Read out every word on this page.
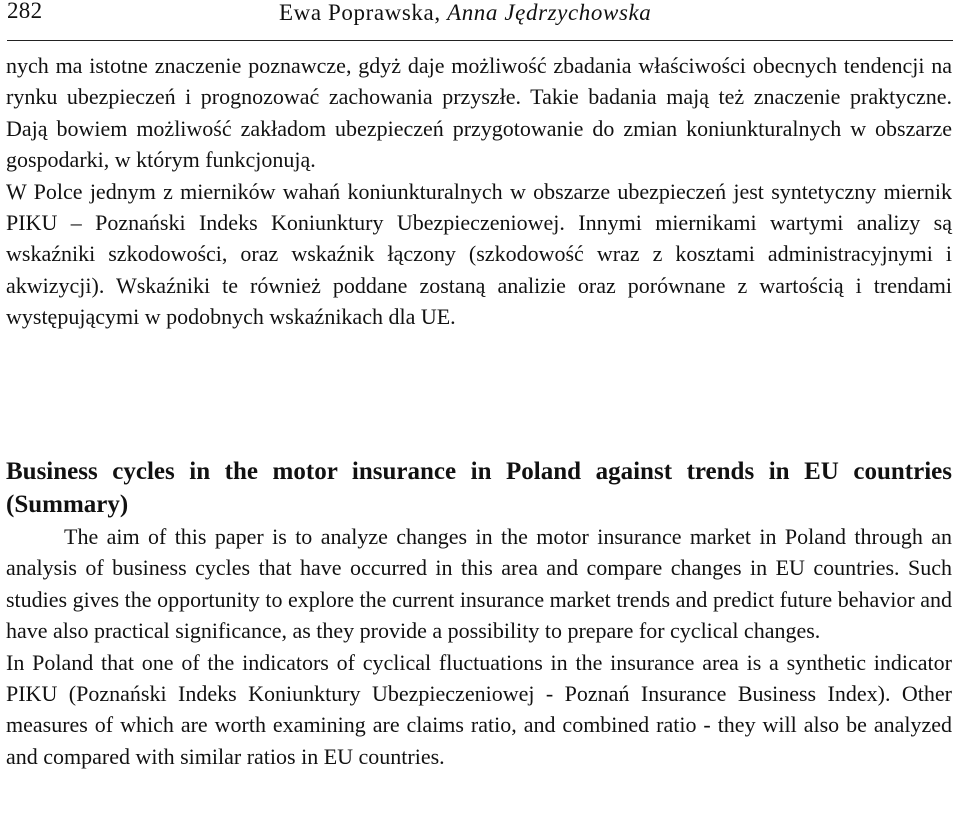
282	Ewa Poprawska, Anna Jędrzychowska

nych ma istotne znaczenie poznawcze, gdyż daje możliwość zbadania właściwości obecnych tendencji na rynku ubezpieczeń i prognozować zachowania przyszłe. Takie badania mają też znaczenie praktyczne. Dają bowiem możliwość zakładom ubezpieczeń przygotowanie do zmian koniunkturalnych w obszarze gospodarki, w którym funkcjonują.

W Polce jednym z mierników wahań koniunkturalnych w obszarze ubezpieczeń jest syntetyczny miernik PIKU – Poznański Indeks Koniunktury Ubezpieczeniowej. Innymi miernikami wartymi analizy są wskaźniki szkodowości, oraz wskaźnik łączony (szkodowość wraz z kosztami administracyjnymi i akwizycji). Wskaźniki te również poddane zostaną analizie oraz porównane z wartością i trendami występującymi w podobnych wskaźnikach dla UE.

Business cycles in the motor insurance in Poland against trends in EU countries (Summary)

The aim of this paper is to analyze changes in the motor insurance market in Poland through an analysis of business cycles that have occurred in this area and compare changes in EU countries. Such studies gives the opportunity to explore the current insurance market trends and predict future behavior and have also practical significance, as they provide a possibility to prepare for cyclical changes.

In Poland that one of the indicators of cyclical fluctuations in the insurance area is a synthetic indicator PIKU (Poznański Indeks Koniunktury Ubezpieczeniowej - Poznań Insurance Business Index). Other measures of which are worth examining are claims ratio, and combined ratio - they will also be analyzed and compared with similar ratios in EU countries.
